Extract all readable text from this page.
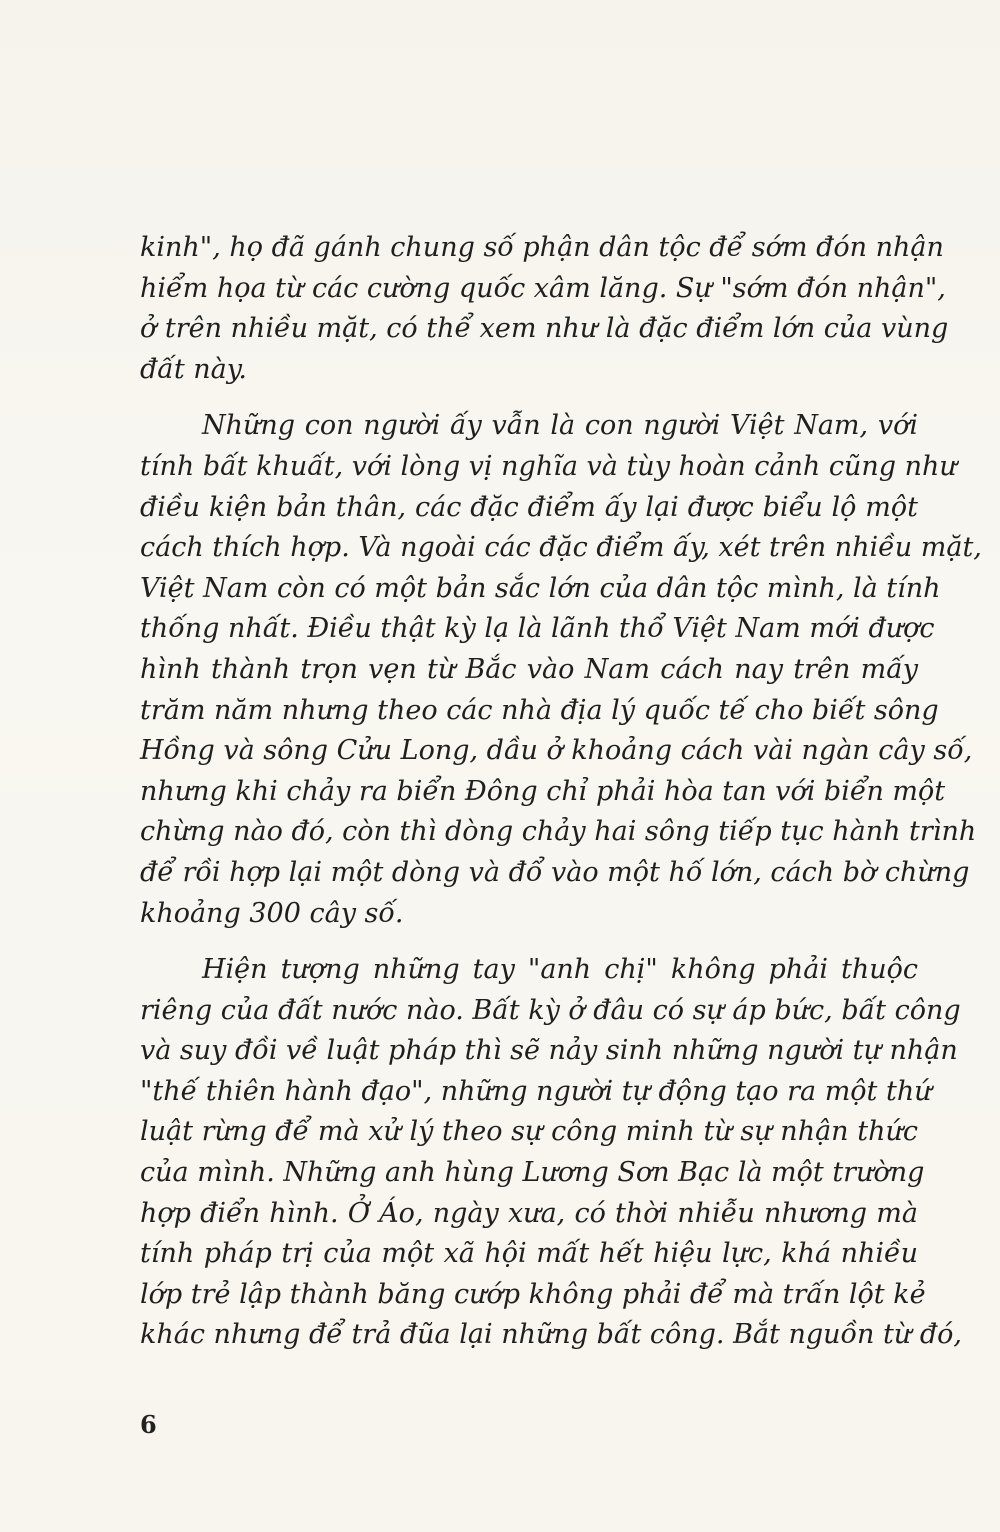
kinh", họ đã gánh chung số phận dân tộc để sớm đón nhận
hiểm họa từ các cường quốc xâm lăng. Sự "sớm đón nhận",
ở trên nhiều mặt, có thể xem như là đặc điểm lớn của vùng
đất này.
Những con người ấy vẫn là con người Việt Nam, với
tính bất khuất, với lòng vị nghĩa và tùy hoàn cảnh cũng như
điều kiện bản thân, các đặc điểm ấy lại được biểu lộ một
cách thích hợp. Và ngoài các đặc điểm ấy, xét trên nhiều mặt,
Việt Nam còn có một bản sắc lớn của dân tộc mình, là tính
thống nhất. Điều thật kỳ lạ là lãnh thổ Việt Nam mới được
hình thành trọn vẹn từ Bắc vào Nam cách nay trên mấy
trăm năm nhưng theo các nhà địa lý quốc tế cho biết sông
Hồng và sông Cửu Long, dầu ở khoảng cách vài ngàn cây số,
nhưng khi chảy ra biển Đông chỉ phải hòa tan với biển một
chừng nào đó, còn thì dòng chảy hai sông tiếp tục hành trình
để rồi hợp lại một dòng và đổ vào một hố lớn, cách bờ chừng
khoảng 300 cây số.
Hiện tượng những tay "anh chị" không phải thuộc
riêng của đất nước nào. Bất kỳ ở đâu có sự áp bức, bất công
và suy đồi về luật pháp thì sẽ nảy sinh những người tự nhận
"thế thiên hành đạo", những người tự động tạo ra một thứ
luật rừng để mà xử lý theo sự công minh từ sự nhận thức
của mình. Những anh hùng Lương Sơn Bạc là một trường
hợp điển hình. Ở Áo, ngày xưa, có thời nhiễu nhương mà
tính pháp trị của một xã hội mất hết hiệu lực, khá nhiều
lớp trẻ lập thành băng cướp không phải để mà trấn lột kẻ
khác nhưng để trả đũa lại những bất công. Bắt nguồn từ đó,
6
